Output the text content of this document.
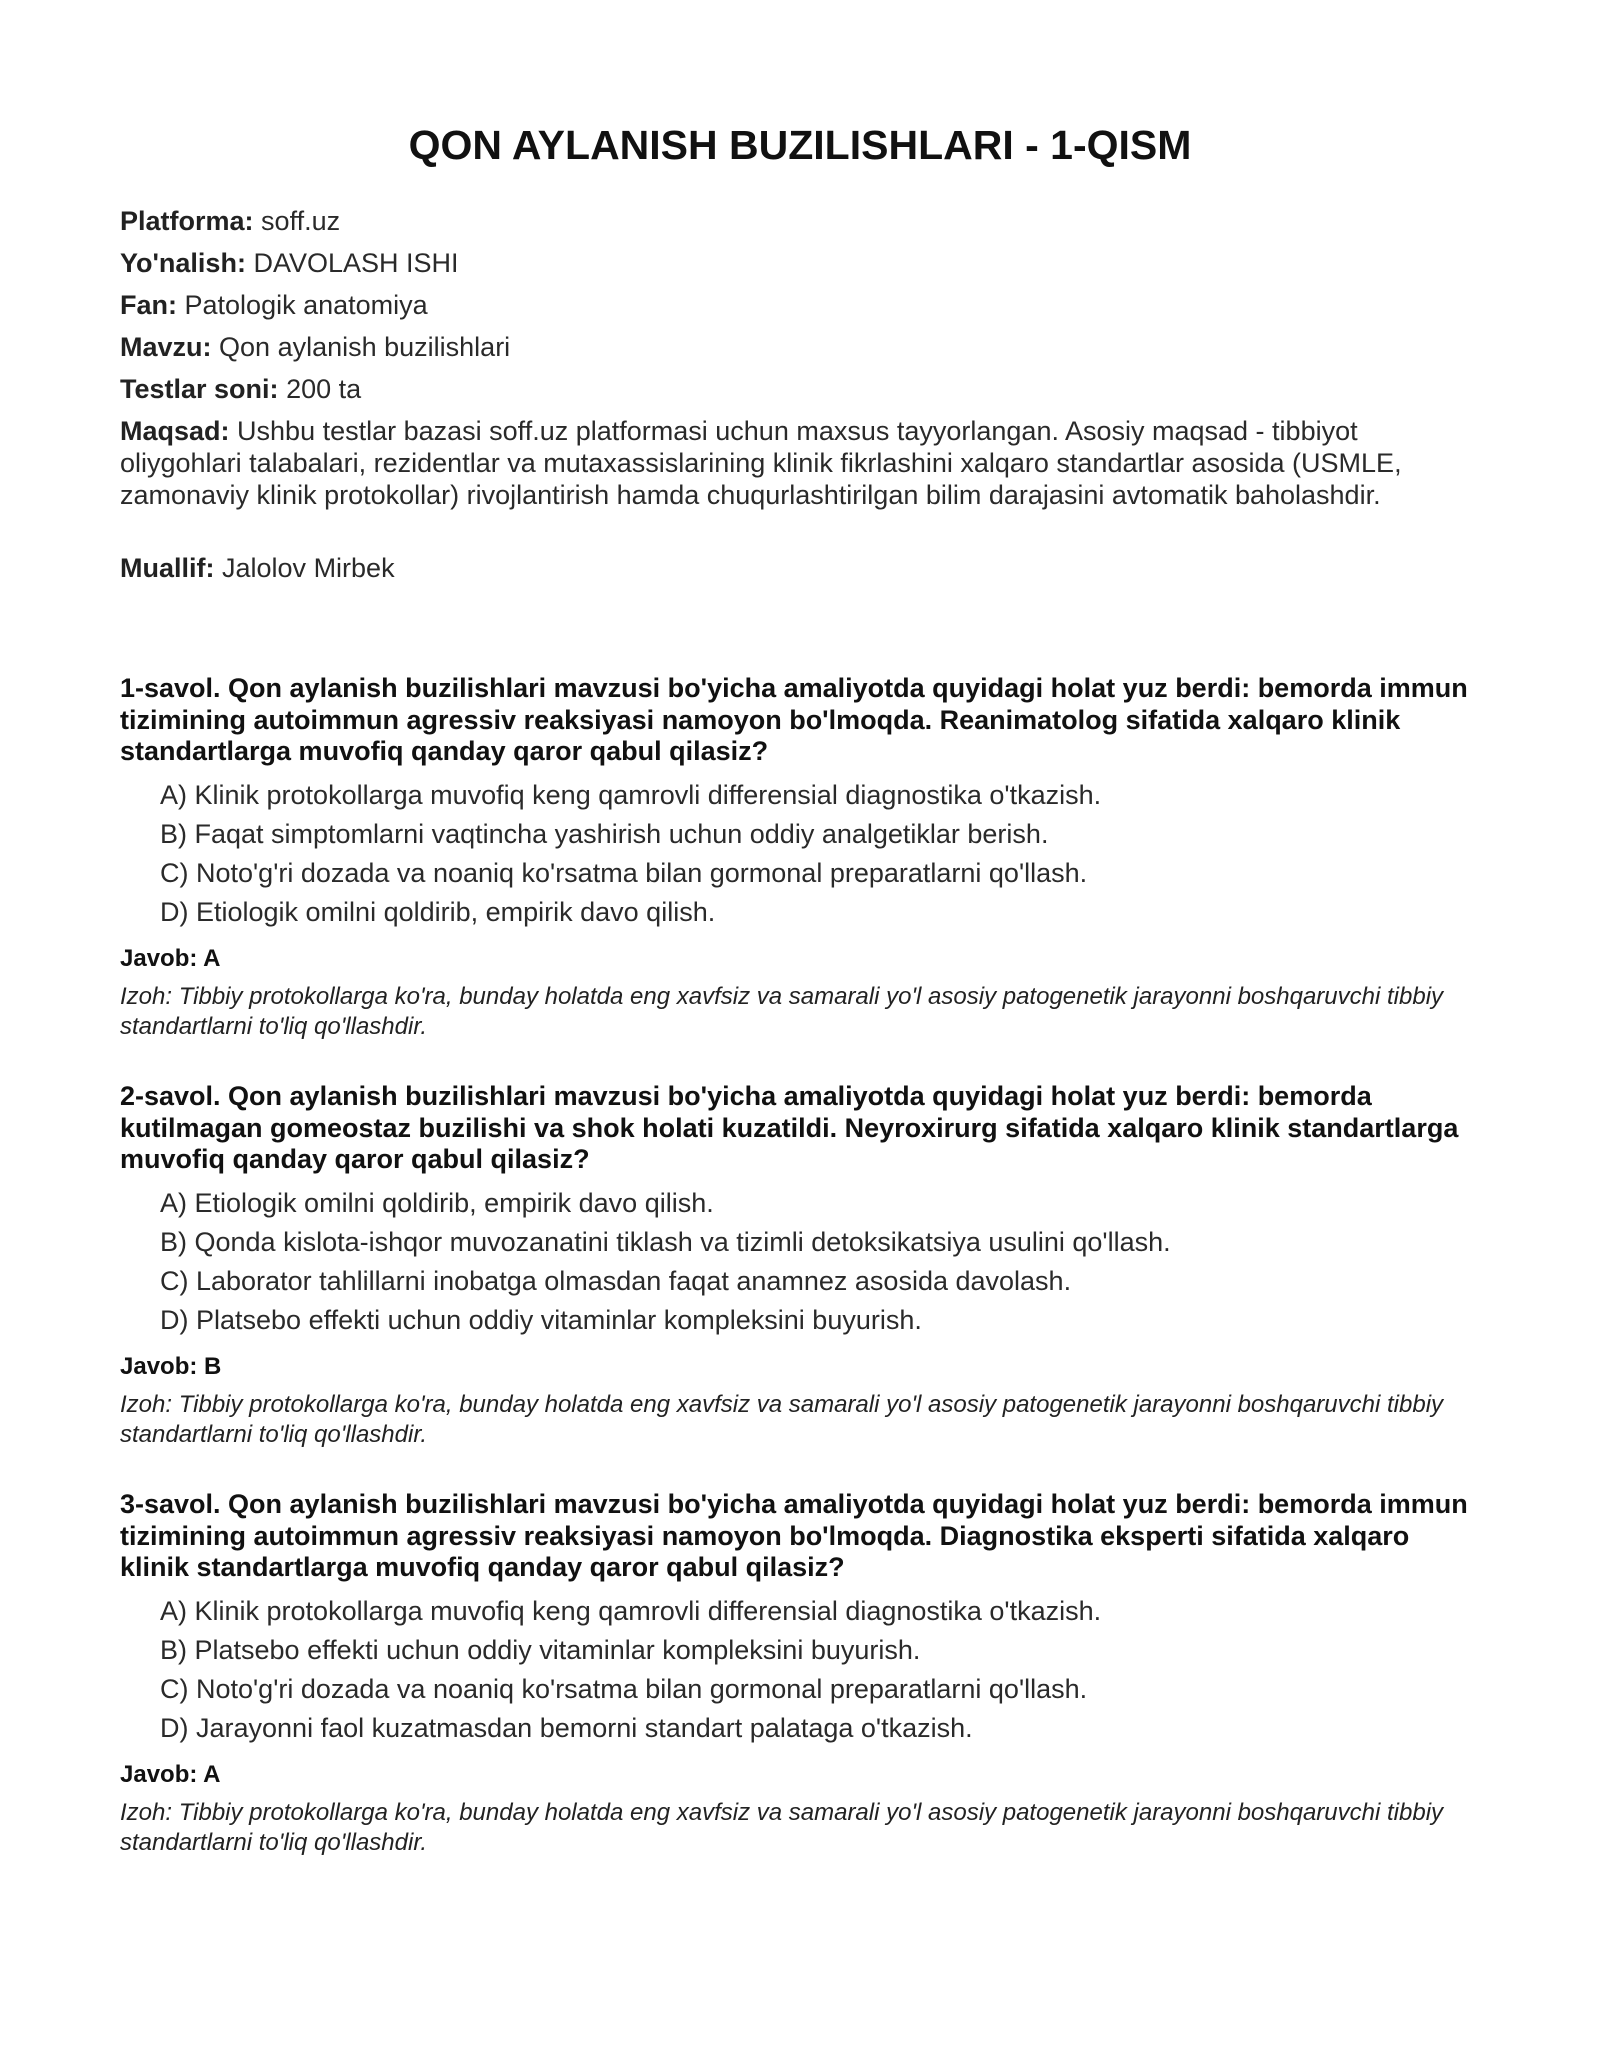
QON AYLANISH BUZILISHLARI - 1-QISM
Platforma: soff.uz
Yo'nalish: DAVOLASH ISHI
Fan: Patologik anatomiya
Mavzu: Qon aylanish buzilishlari
Testlar soni: 200 ta
Maqsad: Ushbu testlar bazasi soff.uz platformasi uchun maxsus tayyorlangan. Asosiy maqsad - tibbiyot oliygohlari talabalari, rezidentlar va mutaxassislarining klinik fikrlashini xalqaro standartlar asosida (USMLE, zamonaviy klinik protokollar) rivojlantirish hamda chuqurlashtirilgan bilim darajasini avtomatik baholashdir.
Muallif: Jalolov Mirbek

1-savol. Qon aylanish buzilishlari mavzusi bo'yicha amaliyotda quyidagi holat yuz berdi: bemorda immun tizimining autoimmun agressiv reaksiyasi namoyon bo'lmoqda. Reanimatolog sifatida xalqaro klinik standartlarga muvofiq qanday qaror qabul qilasiz?

A) Klinik protokollarga muvofiq keng qamrovli differensial diagnostika o'tkazish.
B) Faqat simptomlarni vaqtincha yashirish uchun oddiy analgetiklar berish.
C) Noto'g'ri dozada va noaniq ko'rsatma bilan gormonal preparatlarni qo'llash.
D) Etiologik omilni qoldirib, empirik davo qilish.
Javob: A
Izoh: Tibbiy protokollarga ko'ra, bunday holatda eng xavfsiz va samarali yo'l asosiy patogenetik jarayonni boshqaruvchi tibbiy standartlarni to'liq qo'llashdir.

2-savol. Qon aylanish buzilishlari mavzusi bo'yicha amaliyotda quyidagi holat yuz berdi: bemorda kutilmagan gomeostaz buzilishi va shok holati kuzatildi. Neyroxirurg sifatida xalqaro klinik standartlarga muvofiq qanday qaror qabul qilasiz?

A) Etiologik omilni qoldirib, empirik davo qilish.
B) Qonda kislota-ishqor muvozanatini tiklash va tizimli detoksikatsiya usulini qo'llash.
C) Laborator tahlillarni inobatga olmasdan faqat anamnez asosida davolash.
D) Platsebo effekti uchun oddiy vitaminlar kompleksini buyurish.
Javob: B
Izoh: Tibbiy protokollarga ko'ra, bunday holatda eng xavfsiz va samarali yo'l asosiy patogenetik jarayonni boshqaruvchi tibbiy standartlarni to'liq qo'llashdir.

3-savol. Qon aylanish buzilishlari mavzusi bo'yicha amaliyotda quyidagi holat yuz berdi: bemorda immun tizimining autoimmun agressiv reaksiyasi namoyon bo'lmoqda. Diagnostika eksperti sifatida xalqaro klinik standartlarga muvofiq qanday qaror qabul qilasiz?

A) Klinik protokollarga muvofiq keng qamrovli differensial diagnostika o'tkazish.
B) Platsebo effekti uchun oddiy vitaminlar kompleksini buyurish.
C) Noto'g'ri dozada va noaniq ko'rsatma bilan gormonal preparatlarni qo'llash.
D) Jarayonni faol kuzatmasdan bemorni standart palataga o'tkazish.
Javob: A
Izoh: Tibbiy protokollarga ko'ra, bunday holatda eng xavfsiz va samarali yo'l asosiy patogenetik jarayonni boshqaruvchi tibbiy standartlarni to'liq qo'llashdir.
